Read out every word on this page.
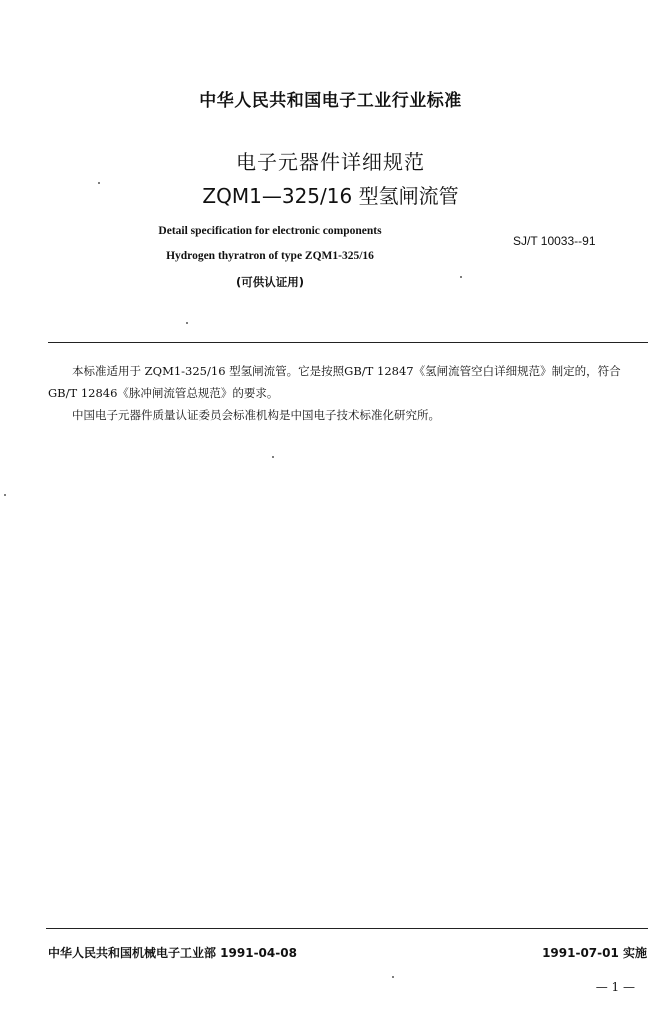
中华人民共和国电子工业行业标准
电子元器件详细规范
ZQM1—325/16 型氢闸流管
Detail specification for electronic components
Hydrogen thyratron of type ZQM1-325/16
(可供认证用)
SJ/T 10033--91

本标准适用于 ZQM1-325/16 型氢闸流管。它是按照GB/T 12847《氢闸流管空白详细规范》制定的，符合 GB/T 12846《脉冲闸流管总规范》的要求。

中国电子元器件质量认证委员会标准机构是中国电子技术标准化研究所。

中华人民共和国机械电子工业部 1991-04-08	1991-07-01 实施
— 1 —
